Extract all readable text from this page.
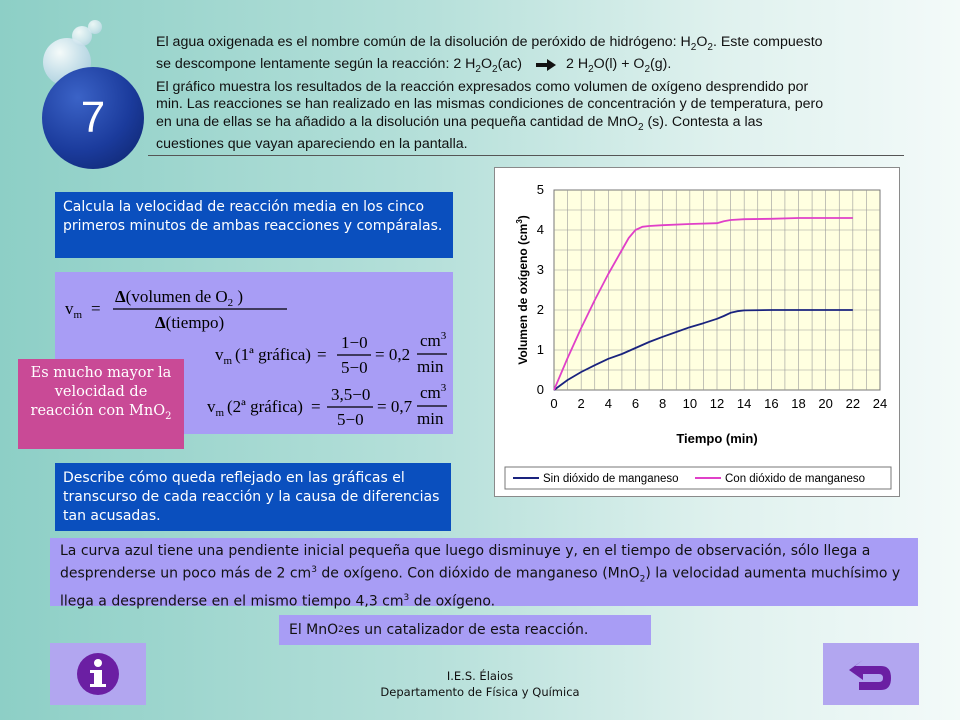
7
El agua oxigenada es el nombre común de la disolución de peróxido de hidrógeno: $H_2O_2$. Este compuesto
se descompone lentamente según la reacción: 2 $H_2O_2(ac)$	2 $H_2O(l) + O_2(g)$.
El gráfico muestra los resultados de la reacción expresados como volumen de oxígeno desprendido por
min. Las reacciones se han realizado en las mismas condiciones de concentración y de temperatura, pero
en una de ellas se ha añadido a la disolución una pequeña cantidad de MnO$_2$ (s). Contesta a las
cuestiones que vayan apareciendo en la pantalla.
Calcula la velocidad de reacción media en los cinco primeros minutos de ambas reacciones y compáralas.
$v_m$ =
Δ(volumen de $O_2$ )
Δ(tiempo)
$v_m$ (1ª gráfica) =
1−0
5−0
= 0,2
$cm^3$
min
$v_m$ (2ª gráfica) =
3,5−0
5−0
= 0,7
$cm^3$
min
Es mucho mayor la velocidad de reacción con MnO$_2$
0 2 4 6 8 10 12 14 16 18 20 22 24
0
1
2
3
4
5
Tiempo (min)
Volumen de oxígeno $(cm^3)$
Sin dióxido de manganeso	Con dióxido de manganeso
Describe cómo queda reflejado en las gráficas el transcurso de cada reacción y la causa de diferencias tan acusadas.
La curva azul tiene una pendiente inicial pequeña que luego disminuye y, en el tiempo de observación, sólo llega a desprenderse un poco más de 2 $cm^3$ de oxígeno. Con dióxido de manganeso (MnO$_2$) la velocidad aumenta muchísimo y llega a desprenderse en el mismo tiempo 4,3 $cm^3$ de oxígeno.
El MnO 2 es un catalizador de esta reacción.
I.E.S. Élaios
Departamento de Física y Química
